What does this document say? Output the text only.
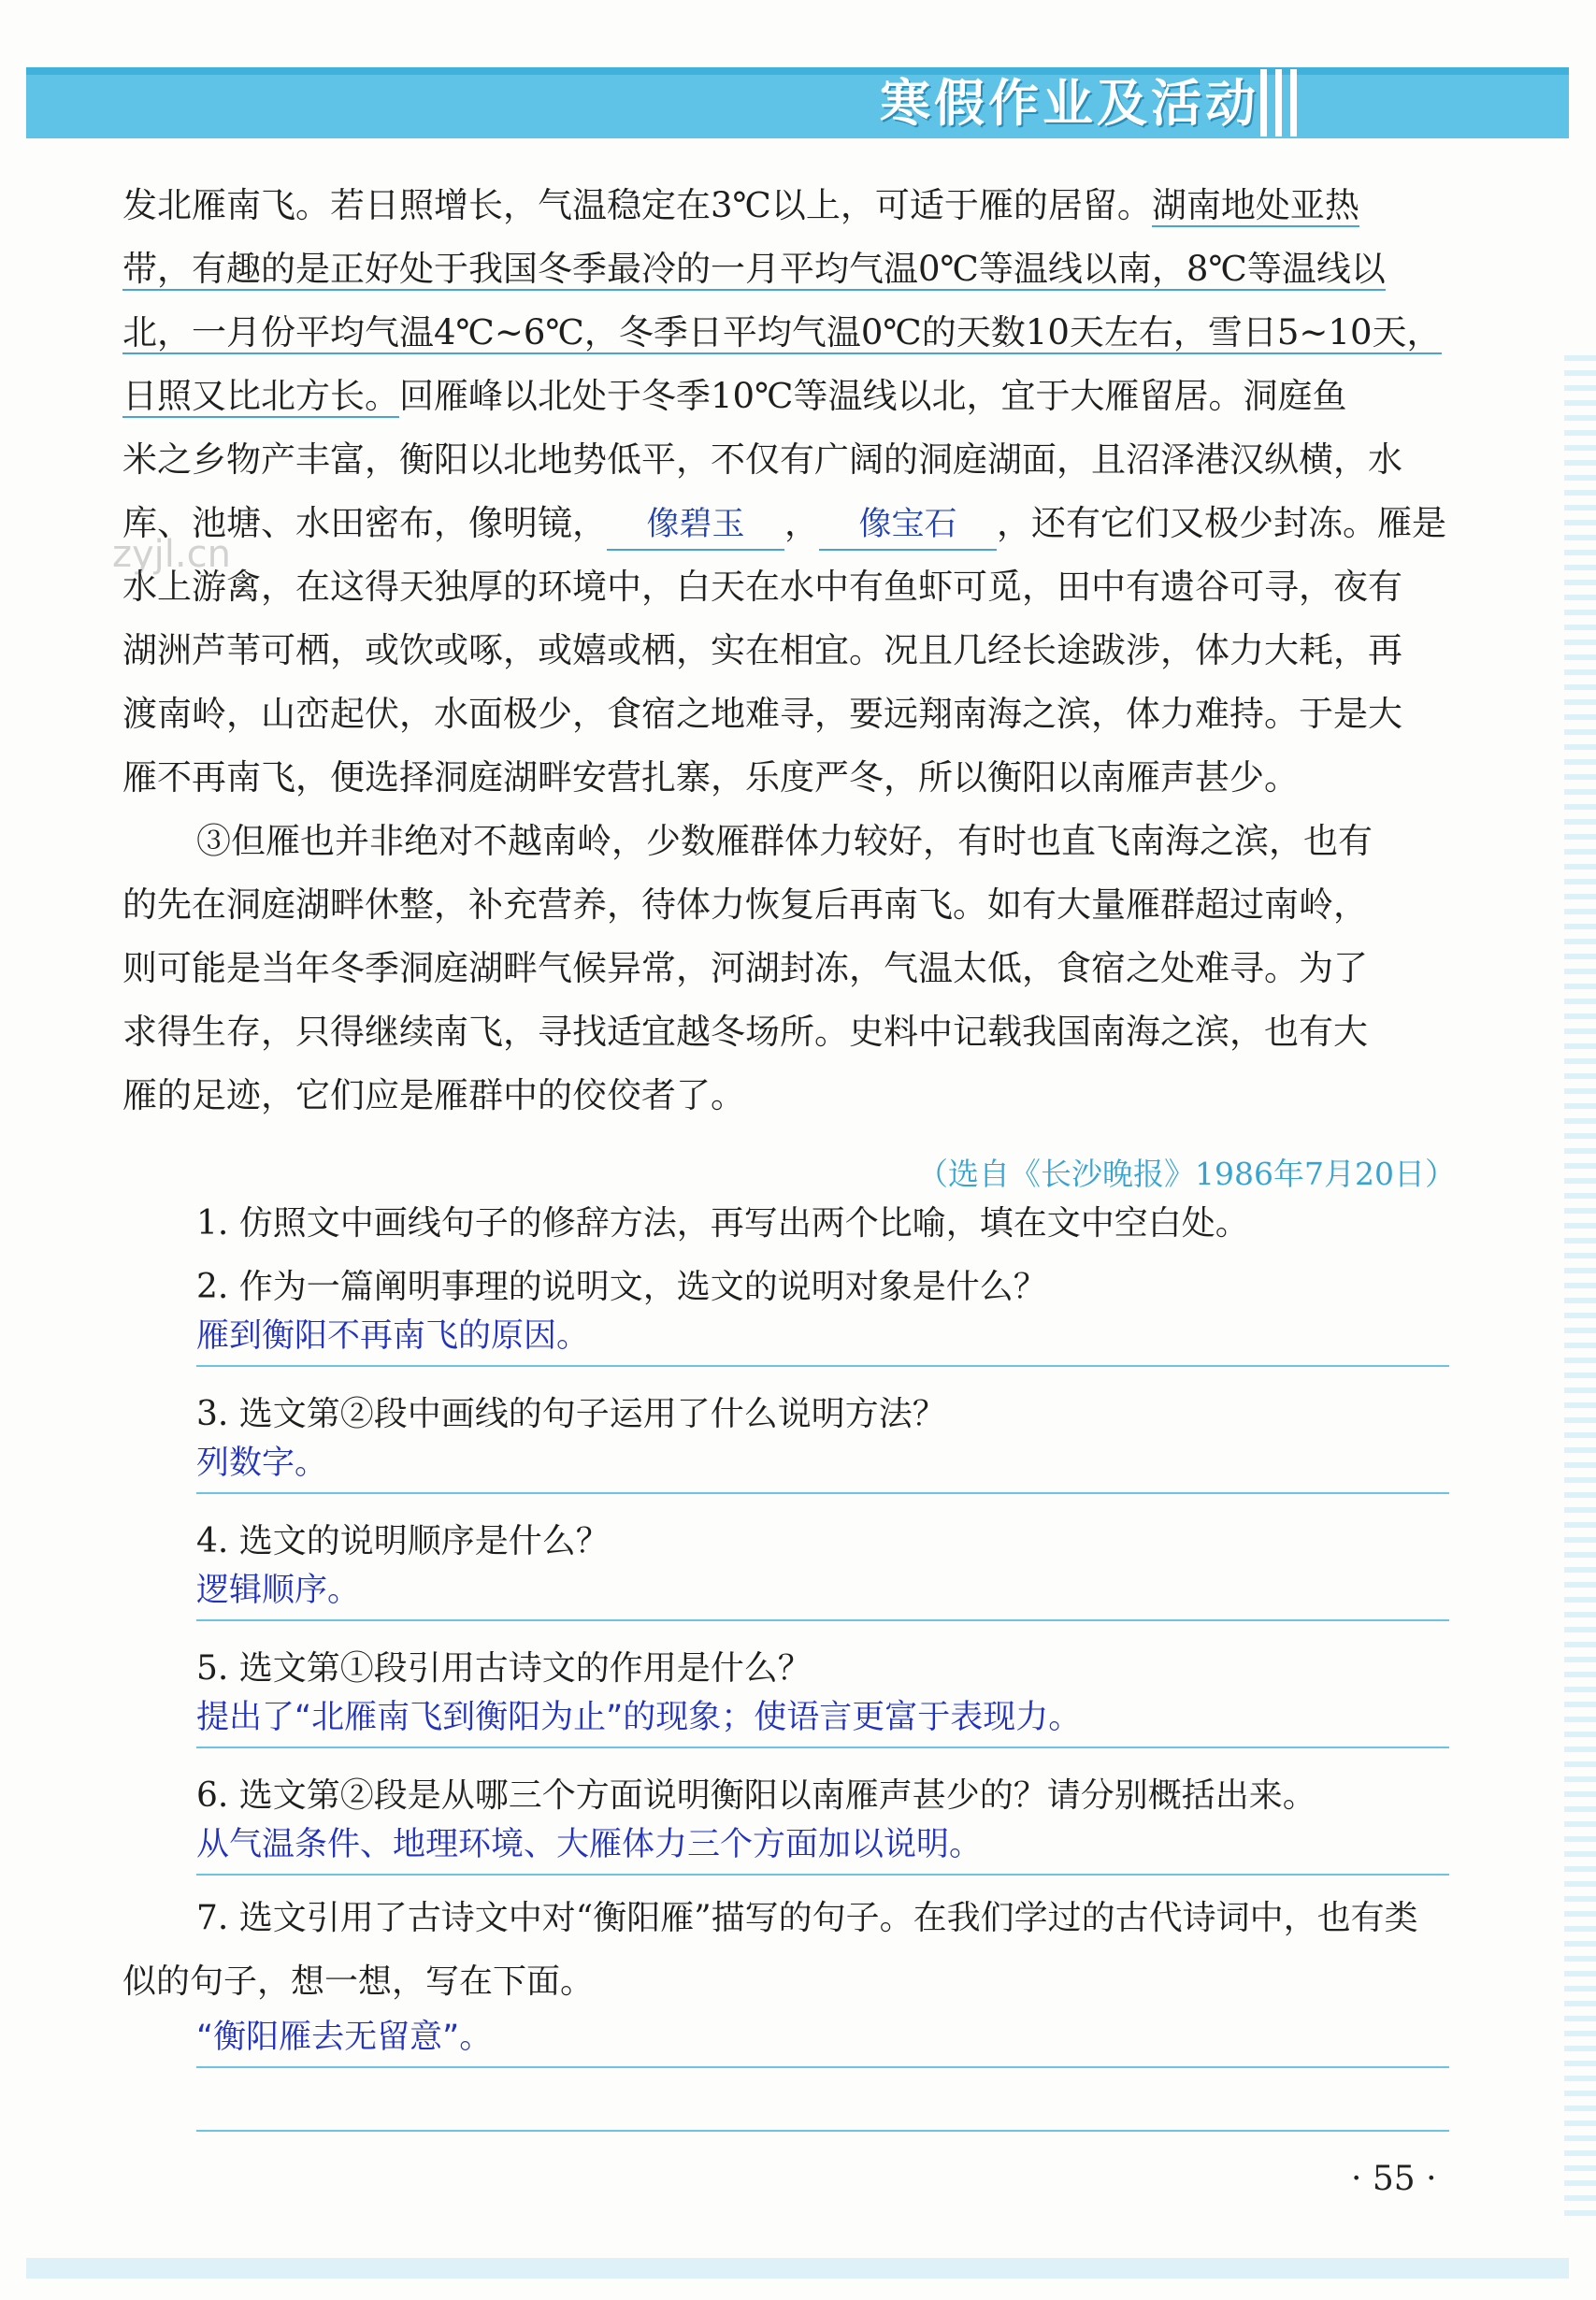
寒假作业及活动
zyjl.cn
发北雁南飞。若日照增长，气温稳定在3℃以上，可适于雁的居留。湖南地处亚热
带，有趣的是正好处于我国冬季最冷的一月平均气温0℃等温线以南，8℃等温线以
北，一月份平均气温4℃~6℃，冬季日平均气温0℃的天数10天左右，雪日5~10天，
日照又比北方长。回雁峰以北处于冬季10℃等温线以北，宜于大雁留居。洞庭鱼
米之乡物产丰富，衡阳以北地势低平，不仅有广阔的洞庭湖面，且沼泽港汉纵横，水
库、池塘、水田密布，像明镜， 像碧玉 ， 像宝石 ，还有它们又极少封冻。雁是
水上游禽，在这得天独厚的环境中，白天在水中有鱼虾可觅，田中有遗谷可寻，夜有
湖洲芦苇可栖，或饮或啄，或嬉或栖，实在相宜。况且几经长途跋涉，体力大耗，再
渡南岭，山峦起伏，水面极少，食宿之地难寻，要远翔南海之滨，体力难持。于是大
雁不再南飞，便选择洞庭湖畔安营扎寨，乐度严冬，所以衡阳以南雁声甚少。
③但雁也并非绝对不越南岭，少数雁群体力较好，有时也直飞南海之滨，也有
的先在洞庭湖畔休整，补充营养，待体力恢复后再南飞。如有大量雁群超过南岭，
则可能是当年冬季洞庭湖畔气候异常，河湖封冻，气温太低，食宿之处难寻。为了
求得生存，只得继续南飞，寻找适宜越冬场所。史料中记载我国南海之滨，也有大
雁的足迹，它们应是雁群中的佼佼者了。
（选自《长沙晚报》1986年7月20日）
1. 仿照文中画线句子的修辞方法，再写出两个比喻，填在文中空白处。
2. 作为一篇阐明事理的说明文，选文的说明对象是什么？
雁到衡阳不再南飞的原因。
3. 选文第②段中画线的句子运用了什么说明方法？
列数字。
4. 选文的说明顺序是什么？
逻辑顺序。
5. 选文第①段引用古诗文的作用是什么？
提出了“北雁南飞到衡阳为止”的现象；使语言更富于表现力。
6. 选文第②段是从哪三个方面说明衡阳以南雁声甚少的？请分别概括出来。
从气温条件、地理环境、大雁体力三个方面加以说明。
7. 选文引用了古诗文中对“衡阳雁”描写的句子。在我们学过的古代诗词中，也有类似的句子，想一想，写在下面。
“衡阳雁去无留意”。
· 55 ·
